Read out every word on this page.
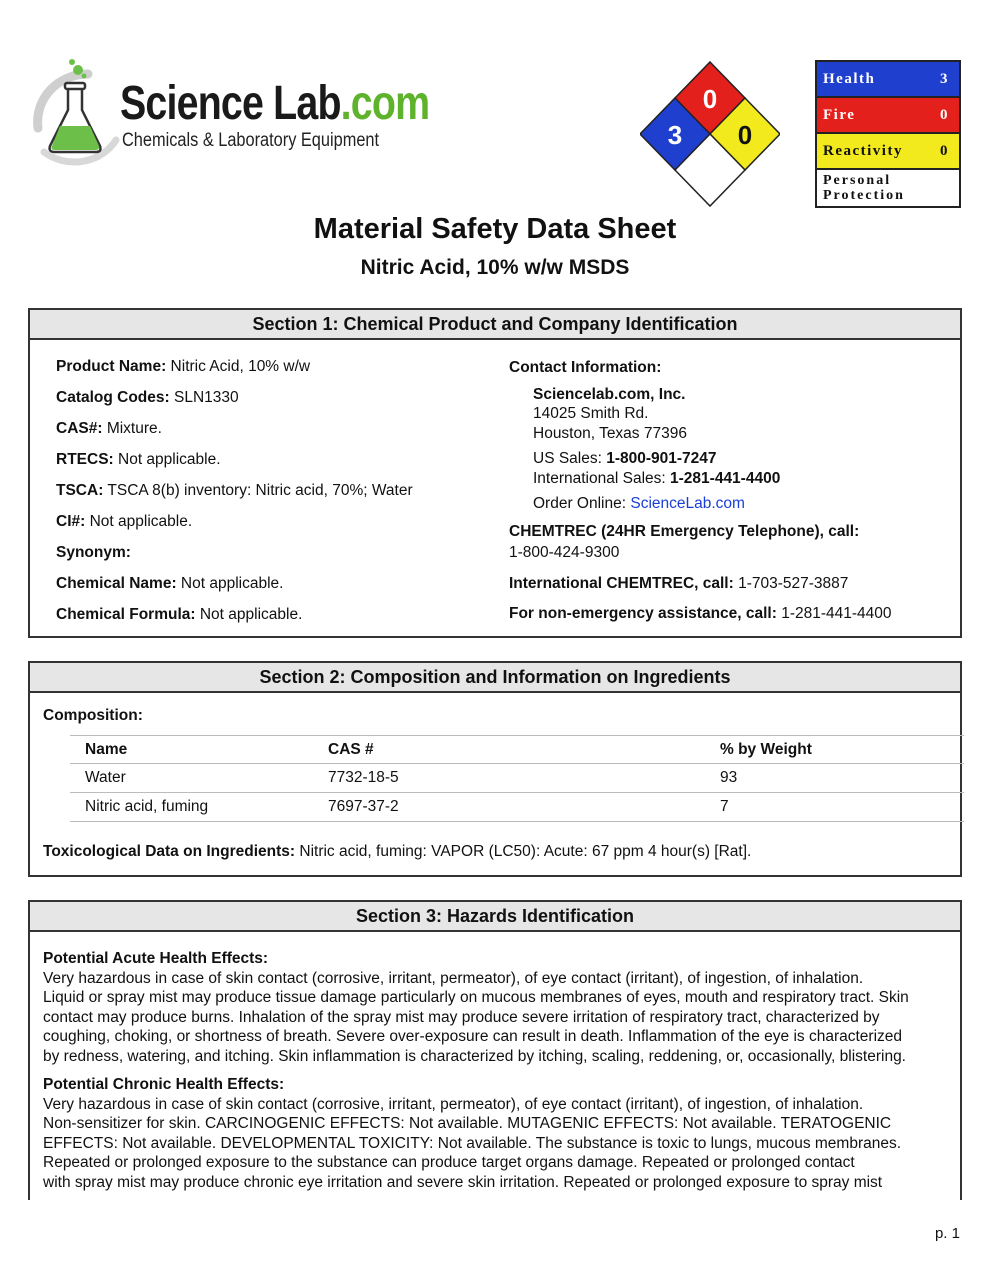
Science Lab.com
Chemicals & Laboratory Equipment
0
3 0
Health	3
Fire	0
Reactivity 0
Personal
Protection
Material Safety Data Sheet
Nitric Acid, 10% w/w MSDS
Section 1: Chemical Product and Company Identification
Product Name: Nitric Acid, 10% w/w
Catalog Codes: SLN1330
CAS#: Mixture.
RTECS: Not applicable.
TSCA: TSCA 8(b) inventory: Nitric acid, 70%; Water
CI#: Not applicable.
Synonym:
Chemical Name: Not applicable.
Chemical Formula: Not applicable.
Contact Information:
Sciencelab.com, Inc.
14025 Smith Rd.
Houston, Texas 77396
US Sales: 1-800-901-7247
International Sales: 1-281-441-4400
Order Online: ScienceLab.com
CHEMTREC (24HR Emergency Telephone), call:
1-800-424-9300
International CHEMTREC, call: 1-703-527-3887
For non-emergency assistance, call: 1-281-441-4400
Section 2: Composition and Information on Ingredients
Composition:
Name	CAS #	% by Weight
Water	7732-18-5	93
Nitric acid, fuming	7697-37-2	7
Toxicological Data on Ingredients: Nitric acid, fuming: VAPOR (LC50): Acute: 67 ppm 4 hour(s) [Rat].
Section 3: Hazards Identification

Potential Acute Health Effects:
Very hazardous in case of skin contact (corrosive, irritant, permeator), of eye contact (irritant), of ingestion, of inhalation.
Liquid or spray mist may produce tissue damage particularly on mucous membranes of eyes, mouth and respiratory tract. Skin
contact may produce burns. Inhalation of the spray mist may produce severe irritation of respiratory tract, characterized by
coughing, choking, or shortness of breath. Severe over-exposure can result in death. Inflammation of the eye is characterized
by redness, watering, and itching. Skin inflammation is characterized by itching, scaling, reddening, or, occasionally, blistering.

Potential Chronic Health Effects:
Very hazardous in case of skin contact (corrosive, irritant, permeator), of eye contact (irritant), of ingestion, of inhalation.
Non-sensitizer for skin. CARCINOGENIC EFFECTS: Not available. MUTAGENIC EFFECTS: Not available. TERATOGENIC
EFFECTS: Not available. DEVELOPMENTAL TOXICITY: Not available. The substance is toxic to lungs, mucous membranes.
Repeated or prolonged exposure to the substance can produce target organs damage. Repeated or prolonged contact
with spray mist may produce chronic eye irritation and severe skin irritation. Repeated or prolonged exposure to spray mist

p. 1
